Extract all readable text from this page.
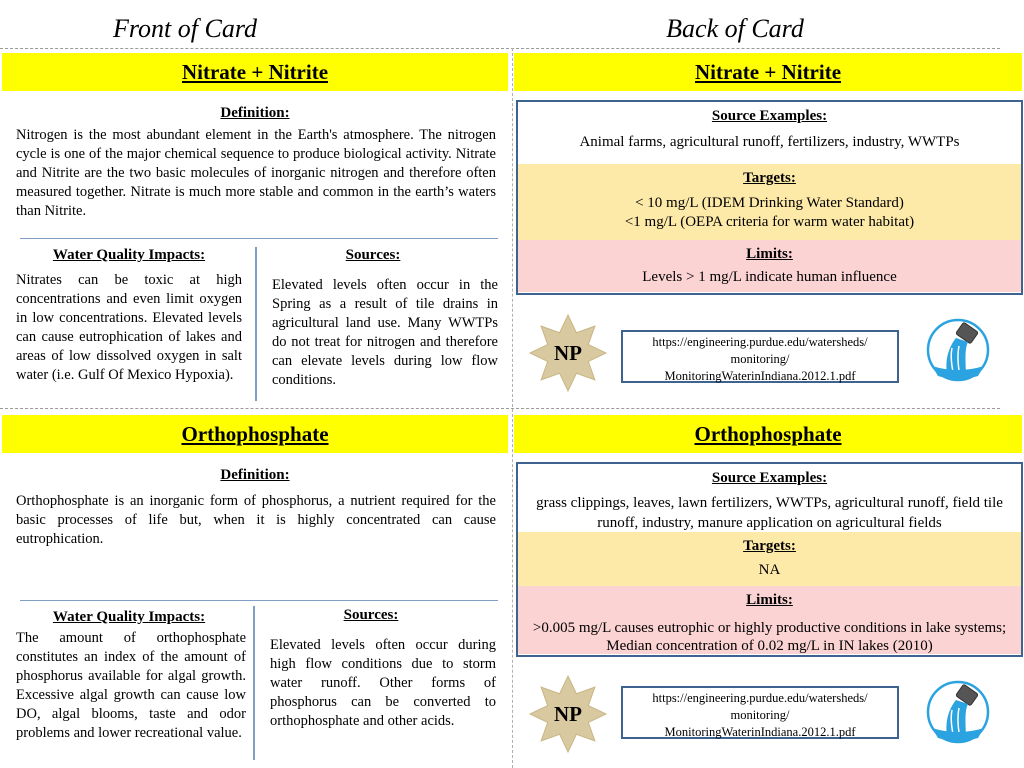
Front of Card	Back of Card
Nitrate + Nitrite
Definition:
Nitrogen is the most abundant element in the Earth's atmosphere. The nitrogen cycle is one of the major chemical sequence to produce biological activity. Nitrate and Nitrite are the two basic molecules of inorganic nitrogen and therefore often measured together. Nitrate is much more stable and common in the earth’s waters than Nitrite.
Water Quality Impacts:
Nitrates can be toxic at high concentrations and even limit oxygen in low concentrations. Elevated levels can cause eutrophication of lakes and areas of low dissolved oxygen in salt water (i.e. Gulf Of Mexico Hypoxia).
Sources:
Elevated levels often occur in the Spring as a result of tile drains in agricultural land use. Many WWTPs do not treat for nitrogen and therefore can elevate levels during low flow conditions.
Nitrate + Nitrite
Source Examples:
Animal farms, agricultural runoff, fertilizers, industry, WWTPs
Targets:
< 10 mg/L (IDEM Drinking Water Standard)
<1 mg/L (OEPA criteria for warm water habitat)
Limits:
Levels > 1 mg/L indicate human influence
NP	https://engineering.purdue.edu/watersheds/
monitoring/
MonitoringWaterinIndiana.2012.1.pdf
Orthophosphate
Definition:
Orthophosphate is an inorganic form of phosphorus, a nutrient required for the basic processes of life but, when it is highly concentrated can cause eutrophication.
Water Quality Impacts:
The amount of orthophosphate constitutes an index of the amount of phosphorus available for algal growth. Excessive algal growth can cause low DO, algal blooms, taste and odor problems and lower recreational value.
Sources:
Elevated levels often occur during high flow conditions due to storm water runoff. Other forms of phosphorus can be converted to orthophosphate and other acids.
Orthophosphate
Source Examples:
grass clippings, leaves, lawn fertilizers, WWTPs, agricultural runoff, field tile runoff, industry, manure application on agricultural fields
Targets:
NA
Limits:
>0.005 mg/L causes eutrophic or highly productive conditions in lake systems;
Median concentration of 0.02 mg/L in IN lakes (2010)
NP
https://engineering.purdue.edu/watersheds/
monitoring/
MonitoringWaterinIndiana.2012.1.pdf
